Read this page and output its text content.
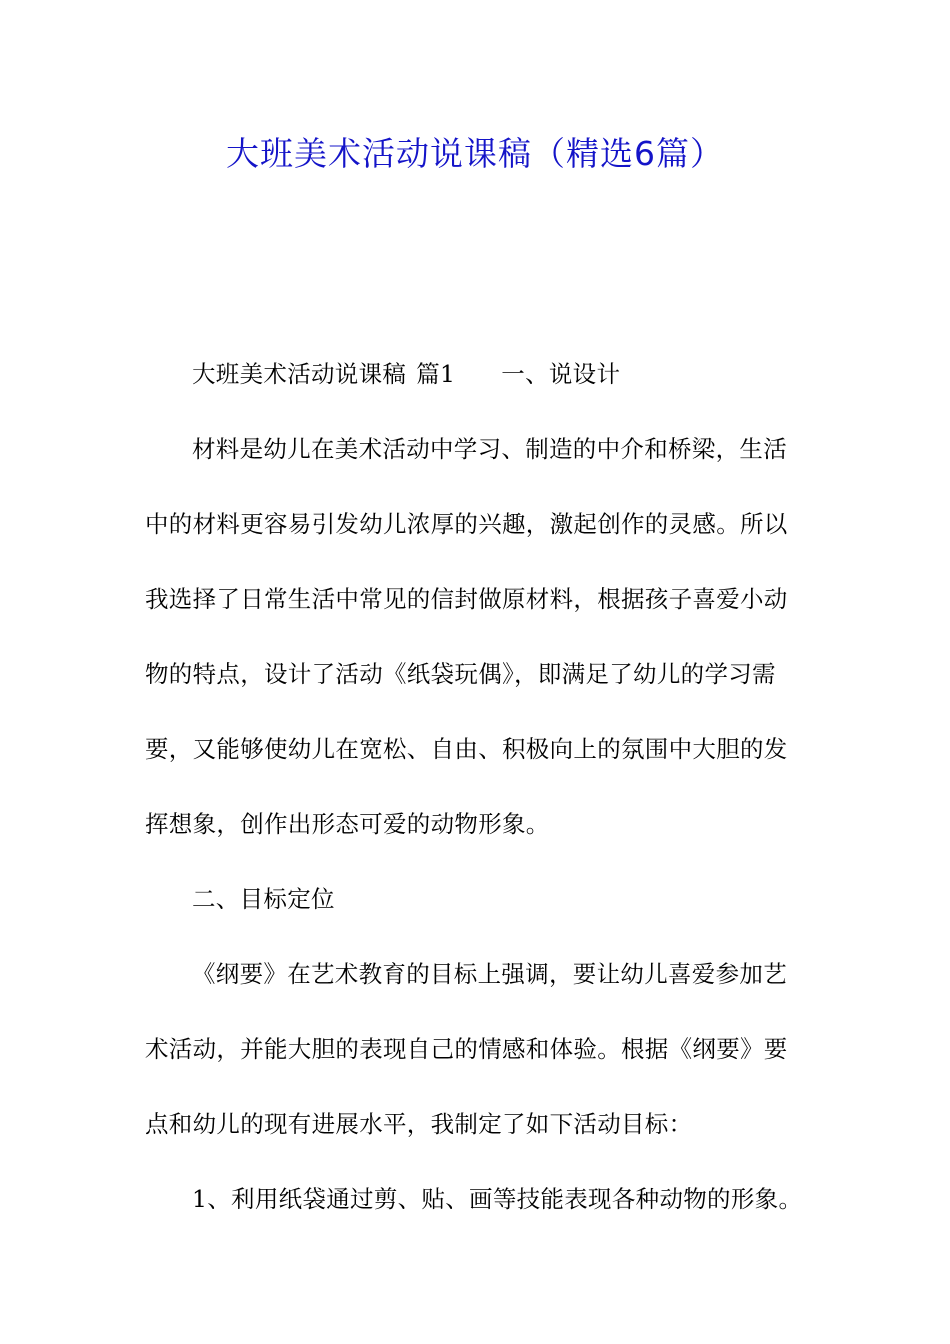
大班美术活动说课稿（精选6篇）
大班美术活动说课稿 篇1 一、说设计
材料是幼儿在美术活动中学习、制造的中介和桥梁，生活
中的材料更容易引发幼儿浓厚的兴趣，激起创作的灵感。所以
我选择了日常生活中常见的信封做原材料，根据孩子喜爱小动
物的特点，设计了活动《纸袋玩偶》，即满足了幼儿的学习需
要，又能够使幼儿在宽松、自由、积极向上的氛围中大胆的发
挥想象，创作出形态可爱的动物形象。
二、目标定位
《纲要》在艺术教育的目标上强调，要让幼儿喜爱参加艺
术活动，并能大胆的表现自己的情感和体验。根据《纲要》要
点和幼儿的现有进展水平，我制定了如下活动目标：
1、利用纸袋通过剪、贴、画等技能表现各种动物的形象。
